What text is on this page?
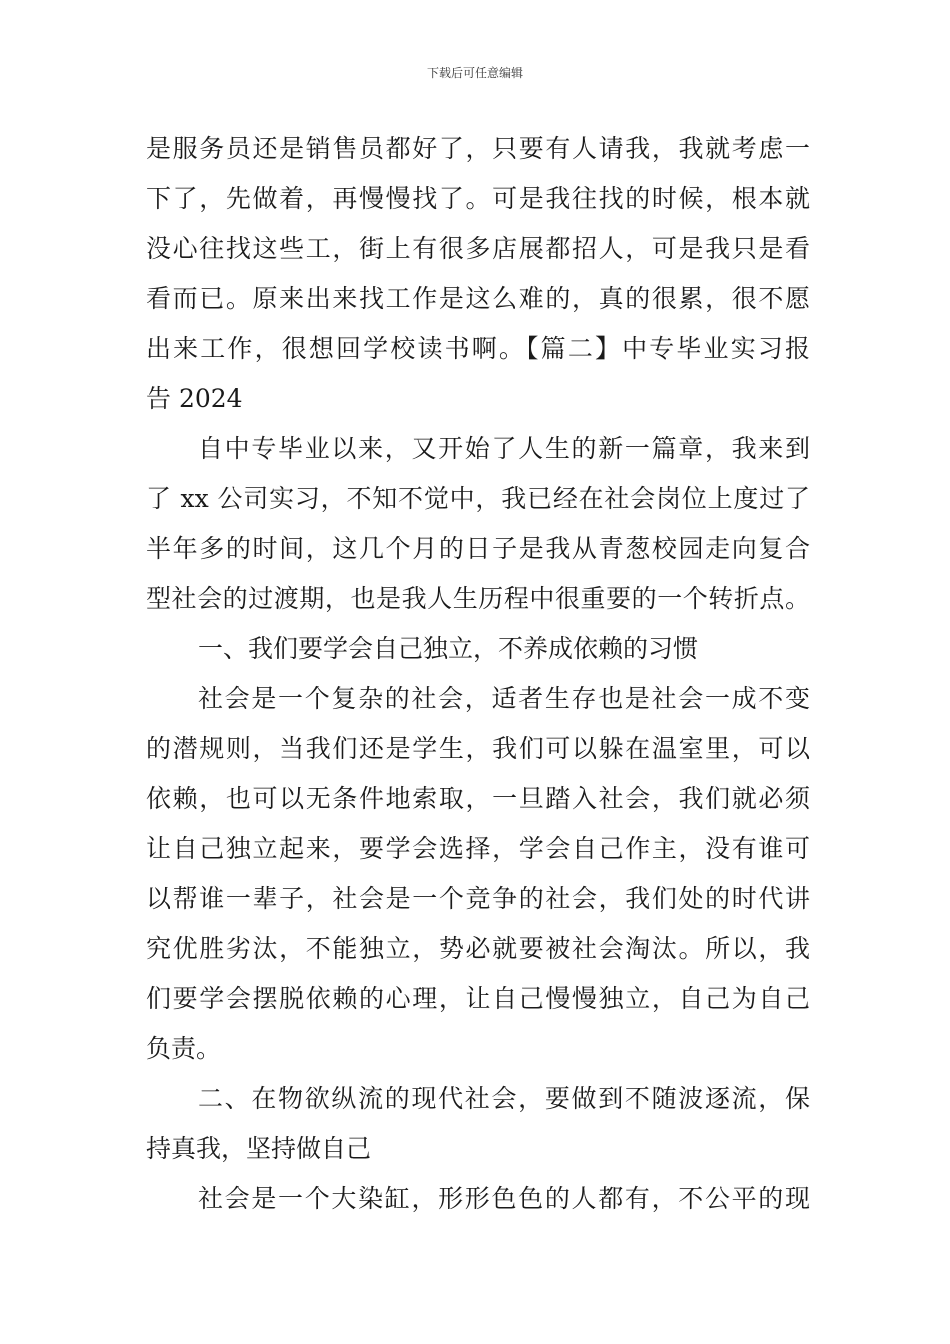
下载后可任意编辑
是服务员还是销售员都好了，只要有人请我，我就考虑一
下了，先做着，再慢慢找了。可是我往找的时候，根本就
没心往找这些工，街上有很多店展都招人，可是我只是看
看而已。原来出来找工作是这么难的，真的很累，很不愿
出来工作，很想回学校读书啊。【篇二】中专毕业实习报
告 2024
自中专毕业以来，又开始了人生的新一篇章，我来到
了 xx 公司实习，不知不觉中，我已经在社会岗位上度过了
半年多的时间，这几个月的日子是我从青葱校园走向复合
型社会的过渡期，也是我人生历程中很重要的一个转折点。
一、我们要学会自己独立，不养成依赖的习惯
社会是一个复杂的社会，适者生存也是社会一成不变
的潜规则，当我们还是学生，我们可以躲在温室里，可以
依赖，也可以无条件地索取，一旦踏入社会，我们就必须
让自己独立起来，要学会选择，学会自己作主，没有谁可
以帮谁一辈子，社会是一个竞争的社会，我们处的时代讲
究优胜劣汰，不能独立，势必就要被社会淘汰。所以，我
们要学会摆脱依赖的心理，让自己慢慢独立，自己为自己
负责。
二、在物欲纵流的现代社会，要做到不随波逐流，保
持真我，坚持做自己
社会是一个大染缸，形形色色的人都有，不公平的现
